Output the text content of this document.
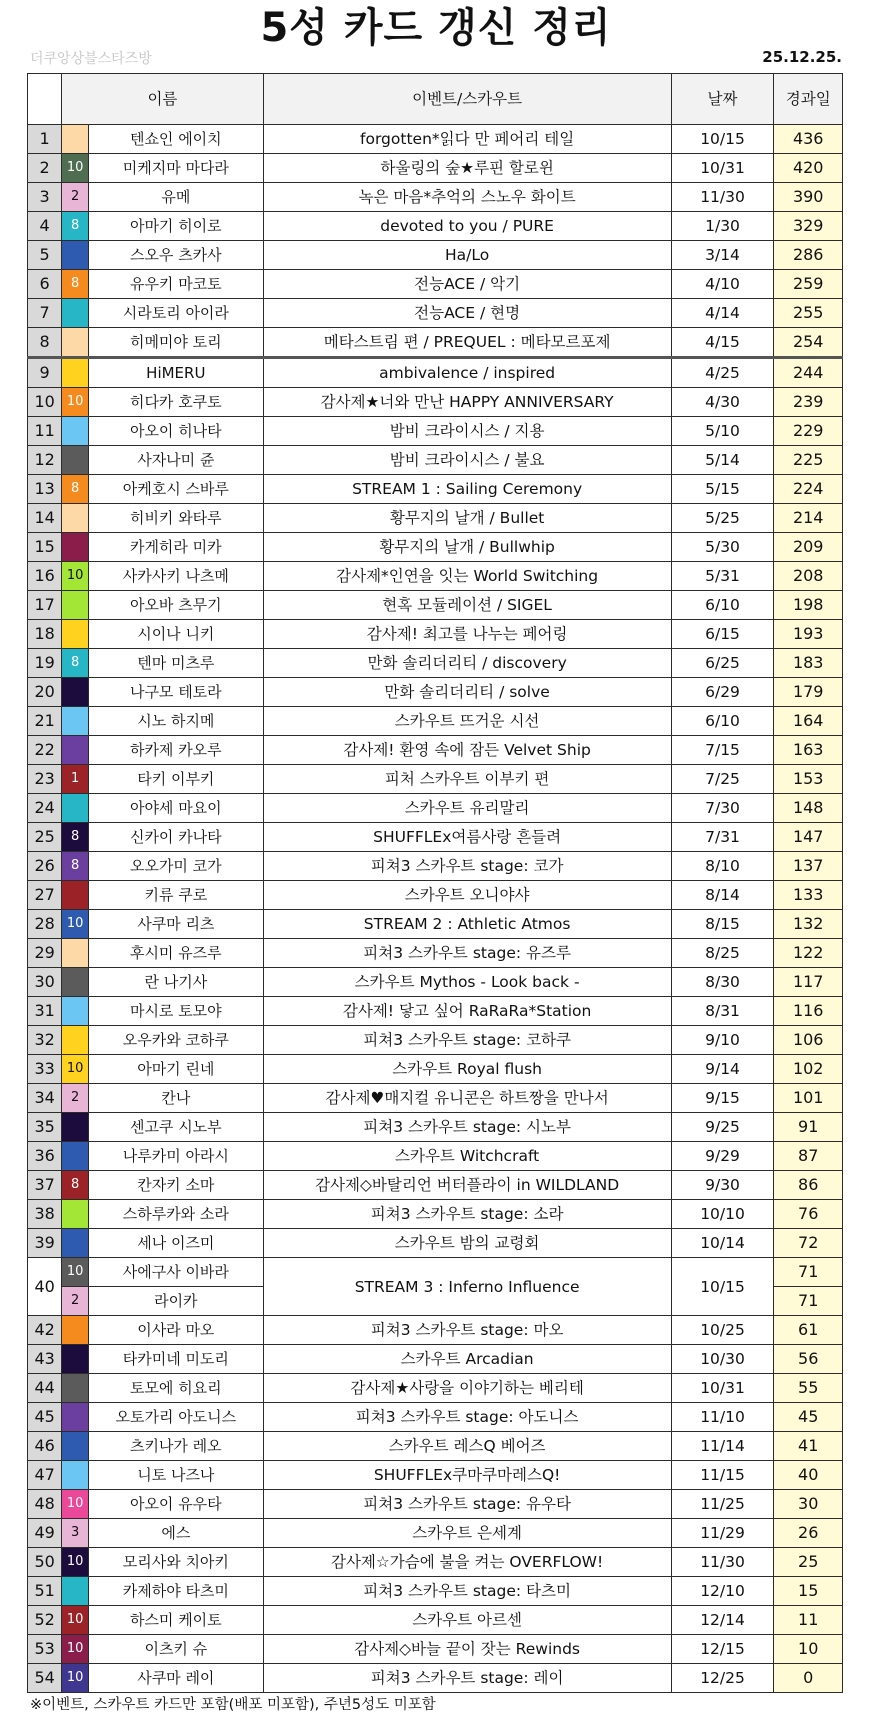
5성 카드 갱신 정리
더쿠앙상블스타즈방	25.12.25.
	이름		이벤트/스카우트	날짜	경과일
1		텐쇼인 에이치	forgotten*읽다 만 페어리 테일	10/15	436
2	10	미케지마 마다라	하울링의 숲★루핀 할로윈	10/31	420
3	2	유메	녹은 마음*추억의 스노우 화이트	11/30	390
4	8	아마기 히이로	devoted to you / PURE	1/30	329
5		스오우 츠카사	Ha/Lo	3/14	286
6	8	유우키 마코토	전능ACE / 악기	4/10	259
7		시라토리 아이라	전능ACE / 현명	4/14	255
8		히메미야 토리	메타스트림 편 / PREQUEL : 메타모르포제	4/15	254
9		HiMERU	ambivalence / inspired	4/25	244
10	10	히다카 호쿠토	감사제★너와 만난 HAPPY ANNIVERSARY	4/30	239
11		아오이 히나타	밤비 크라이시스 / 지용	5/10	229
12		사자나미 쥰	밤비 크라이시스 / 불요	5/14	225
13	8	아케호시 스바루	STREAM 1 : Sailing Ceremony	5/15	224
14		히비키 와타루	황무지의 날개 / Bullet	5/25	214
15		카게히라 미카	황무지의 날개 / Bullwhip	5/30	209
16	10	사카사키 나츠메	감사제*인연을 잇는 World Switching	5/31	208
17		아오바 츠무기	현혹 모듈레이션 / SIGEL	6/10	198
18		시이나 니키	감사제! 최고를 나누는 페어링	6/15	193
19	8	텐마 미츠루	만화 솔리더리티 / discovery	6/25	183
20		나구모 테토라	만화 솔리더리티 / solve	6/29	179
21		시노 하지메	스카우트 뜨거운 시선	6/10	164
22		하카제 카오루	감사제! 환영 속에 잠든 Velvet Ship	7/15	163
23	1	타키 이부키	피처 스카우트 이부키 편	7/25	153
24		아야세 마요이	스카우트 유리말리	7/30	148
25	8	신카이 카나타	SHUFFLEx여름사랑 흔들려	7/31	147
26	8	오오가미 코가	피쳐3 스카우트 stage: 코가	8/10	137
27		키류 쿠로	스카우트 오니야샤	8/14	133
28	10	사쿠마 리츠	STREAM 2 : Athletic Atmos	8/15	132
29		후시미 유즈루	피쳐3 스카우트 stage: 유즈루	8/25	122
30		란 나기사	스카우트 Mythos - Look back -	8/30	117
31		마시로 토모야	감사제! 닿고 싶어 RaRaRa*Station	8/31	116
32		오우카와 코하쿠	피쳐3 스카우트 stage: 코하쿠	9/10	106
33	10	아마기 린네	스카우트 Royal flush	9/14	102
34	2	칸나	감사제♥매지컬 유니콘은 하트짱을 만나서	9/15	101
35		센고쿠 시노부	피쳐3 스카우트 stage: 시노부	9/25	91
36		나루카미 아라시	스카우트 Witchcraft	9/29	87
37	8	칸자키 소마	감사제◇바탈리언 버터플라이 in WILDLAND	9/30	86
38		스하루카와 소라	피쳐3 스카우트 stage: 소라	10/10	76
39		세나 이즈미	스카우트 밤의 교령회	10/14	72
40	10	사에구사 이바라	STREAM 3 : Inferno Influence	10/15	71
	2	라이카			71
42		이사라 마오	피쳐3 스카우트 stage: 마오	10/25	61
43		타카미네 미도리	스카우트 Arcadian	10/30	56
44		토모에 히요리	감사제★사랑을 이야기하는 베리테	10/31	55
45		오토가리 아도니스	피쳐3 스카우트 stage: 아도니스	11/10	45
46		츠키나가 레오	스카우트 레스Q 베어즈	11/14	41
47		니토 나즈나	SHUFFLEx쿠마쿠마레스Q!	11/15	40
48	10	아오이 유우타	피쳐3 스카우트 stage: 유우타	11/25	30
49	3	에스	스카우트 은세계	11/29	26
50	10	모리사와 치아키	감사제☆가슴에 불을 켜는 OVERFLOW!	11/30	25
51		카제하야 타츠미	피쳐3 스카우트 stage: 타츠미	12/10	15
52	10	하스미 케이토	스카우트 아르센	12/14	11
53	10	이츠키 슈	감사제◇바늘 끝이 잣는 Rewinds	12/15	10
54	10	사쿠마 레이	피쳐3 스카우트 stage: 레이	12/25	0
※이벤트, 스카우트 카드만 포함(배포 미포함), 주년5성도 미포함
